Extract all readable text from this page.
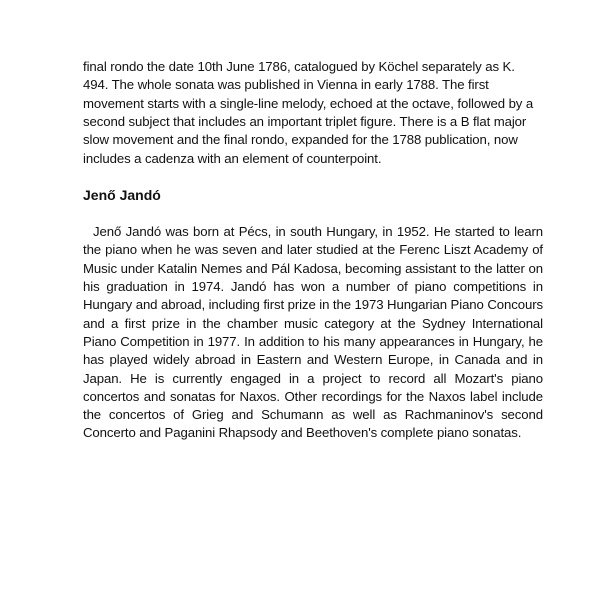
final rondo the date 10th June 1786, catalogued by Köchel separately as K. 494. The whole sonata was published in Vienna in early 1788. The first movement starts with a single-line melody, echoed at the octave, followed by a second subject that includes an important triplet figure. There is a B flat major slow movement and the final rondo, expanded for the 1788 publication, now includes a cadenza with an element of counterpoint.

Jenő Jandó

Jenő Jandó was born at Pécs, in south Hungary, in 1952. He started to learn the piano when he was seven and later studied at the Ferenc Liszt Academy of Music under Katalin Nemes and Pál Kadosa, becoming assistant to the latter on his graduation in 1974. Jandó has won a number of piano competitions in Hungary and abroad, including first prize in the 1973 Hungarian Piano Concours and a first prize in the chamber music category at the Sydney International Piano Competition in 1977. In addition to his many appearances in Hungary, he has played widely abroad in Eastern and Western Europe, in Canada and in Japan. He is currently engaged in a project to record all Mozart's piano concertos and sonatas for Naxos. Other recordings for the Naxos label include the concertos of Grieg and Schumann as well as Rachmaninov's second Concerto and Paganini Rhapsody and Beethoven's complete piano sonatas.
